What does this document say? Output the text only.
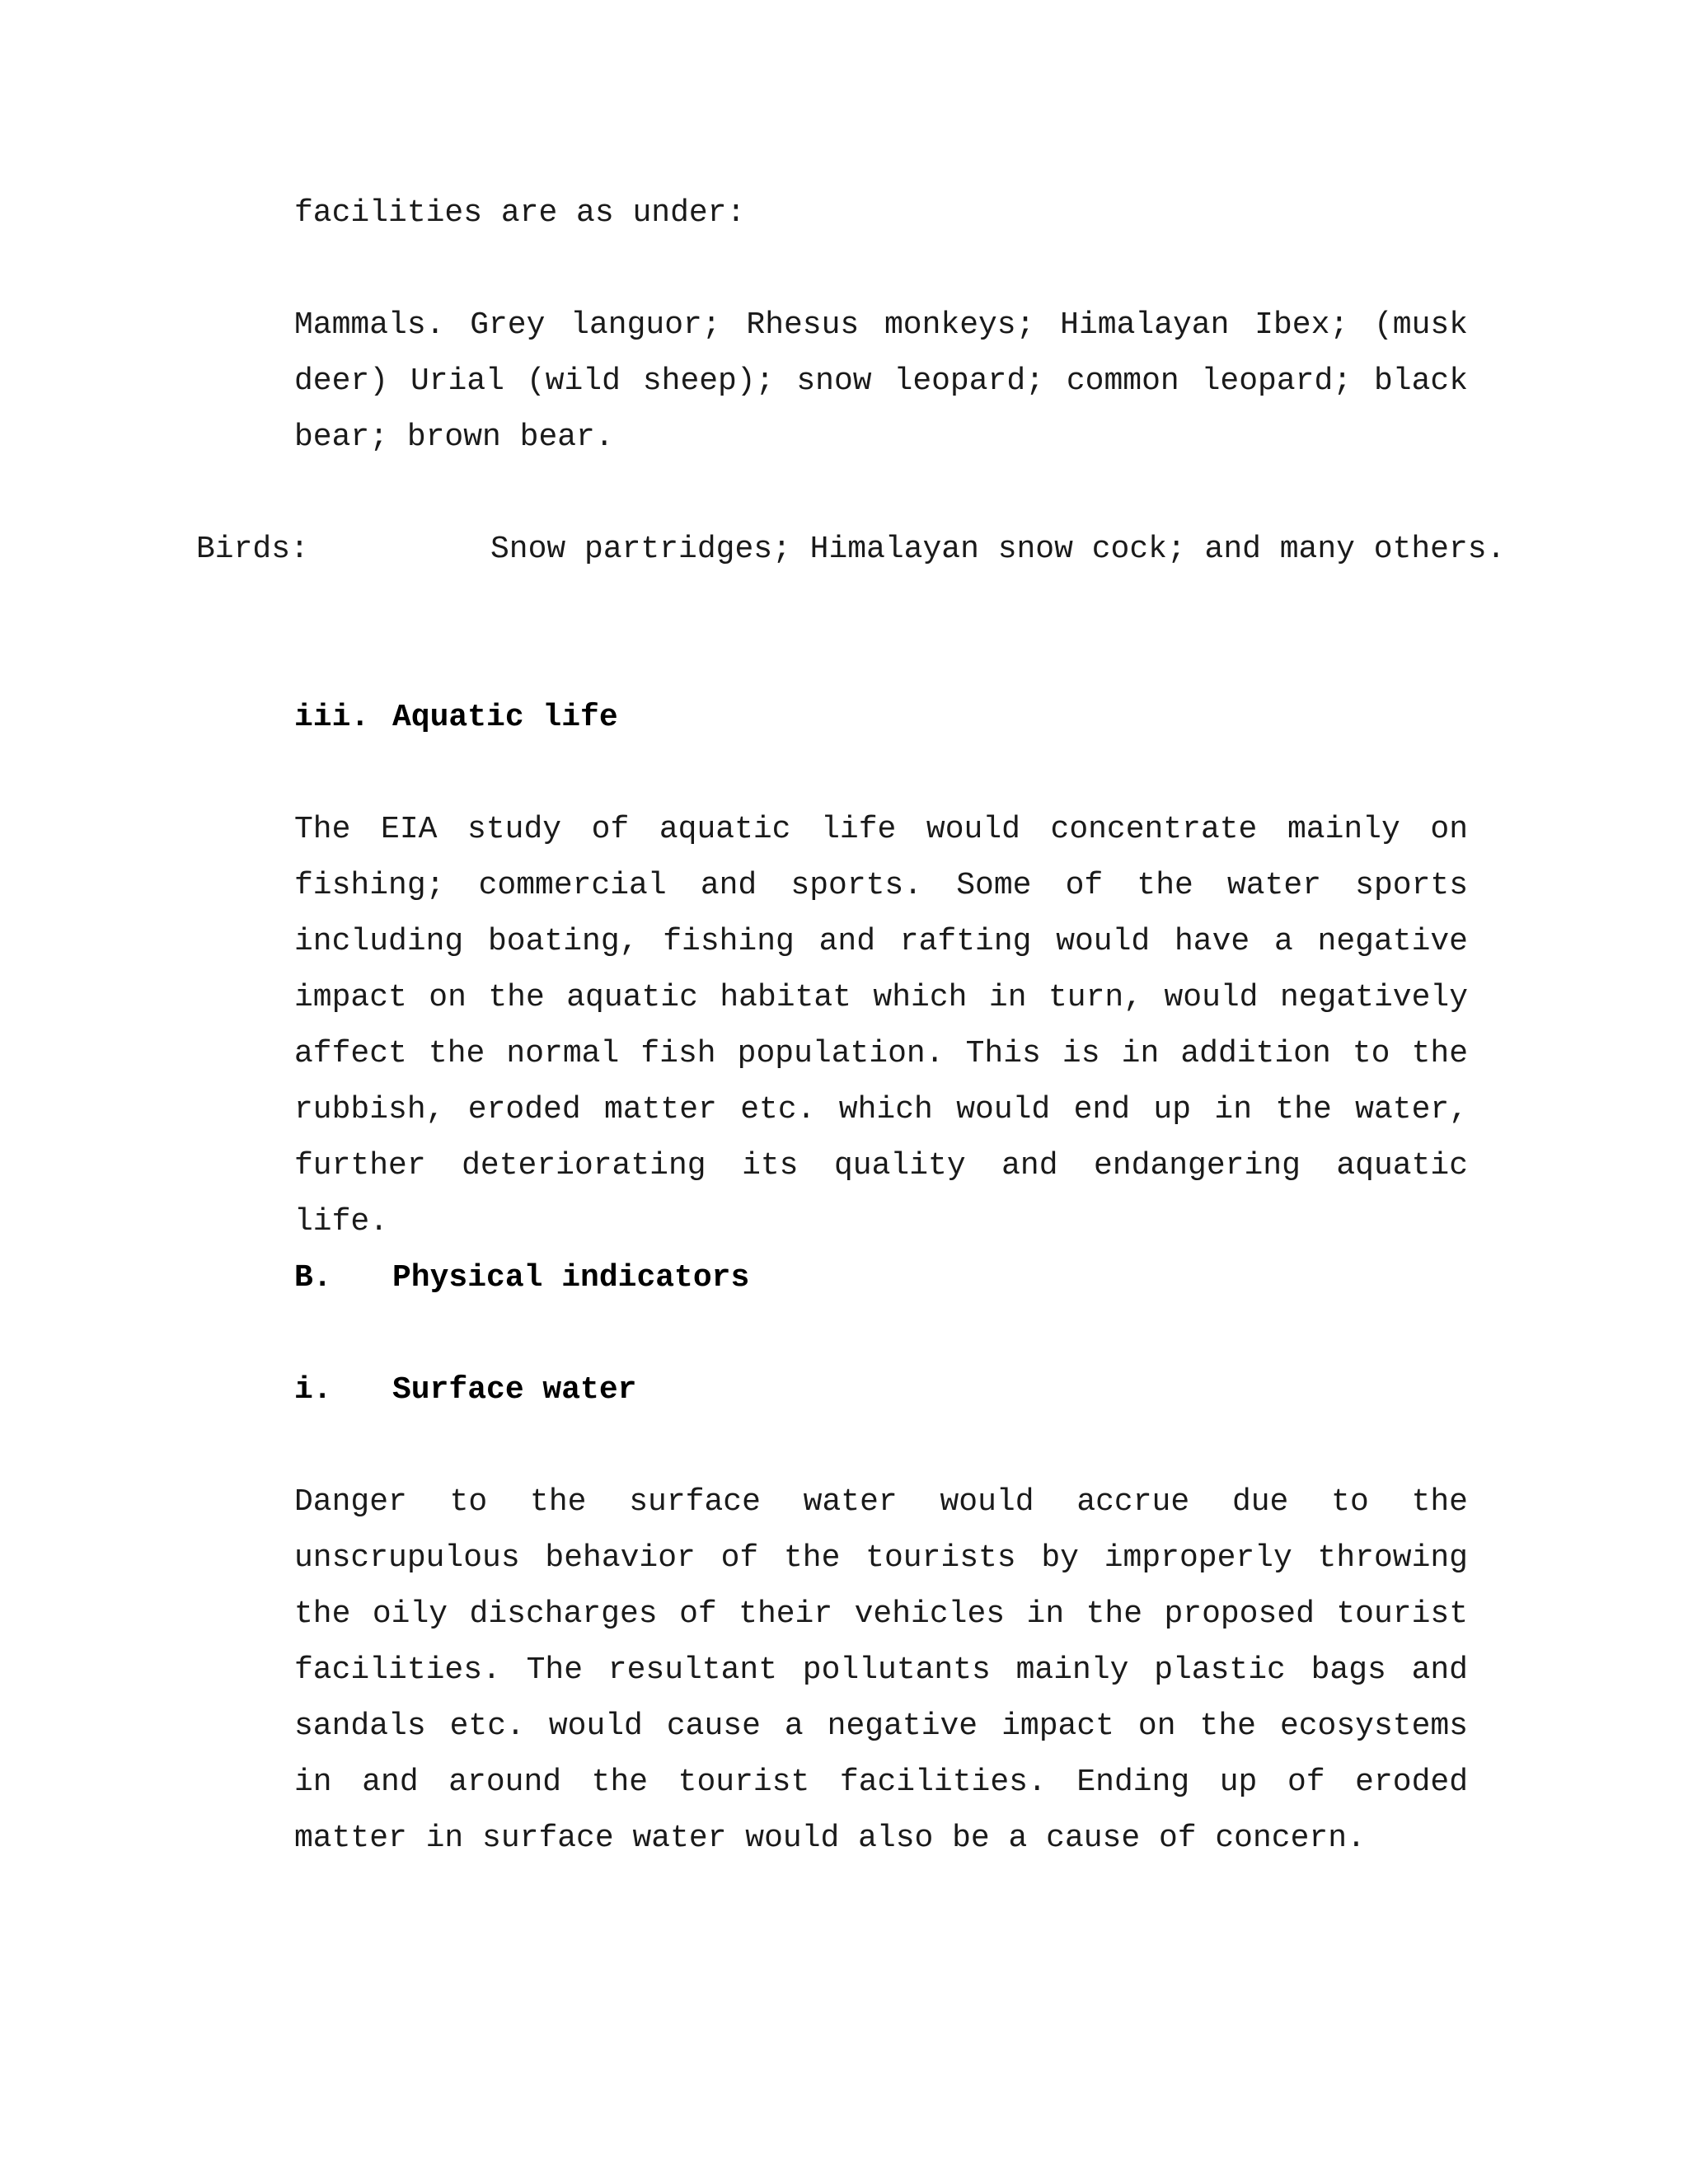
facilities are as under:

Mammals. Grey languor; Rhesus monkeys; Himalayan Ibex; (musk deer) Urial (wild sheep); snow leopard; common leopard; black bear; brown bear.

Birds:	Snow partridges; Himalayan snow cock; and many others.

iii. Aquatic life

The EIA study of aquatic life would concentrate mainly on fishing; commercial and sports. Some of the water sports including boating, fishing and rafting would have a negative impact on the aquatic habitat which in turn, would negatively affect the normal fish population. This is in addition to the rubbish, eroded matter etc. which would end up in the water, further deteriorating its quality and endangering aquatic life.

B. Physical indicators

i. Surface water

Danger to the surface water would accrue due to the unscrupulous behavior of the tourists by improperly throwing the oily discharges of their vehicles in the proposed tourist facilities. The resultant pollutants mainly plastic bags and sandals etc. would cause a negative impact on the ecosystems in and around the tourist facilities. Ending up of eroded matter in surface water would also be a cause of concern.
